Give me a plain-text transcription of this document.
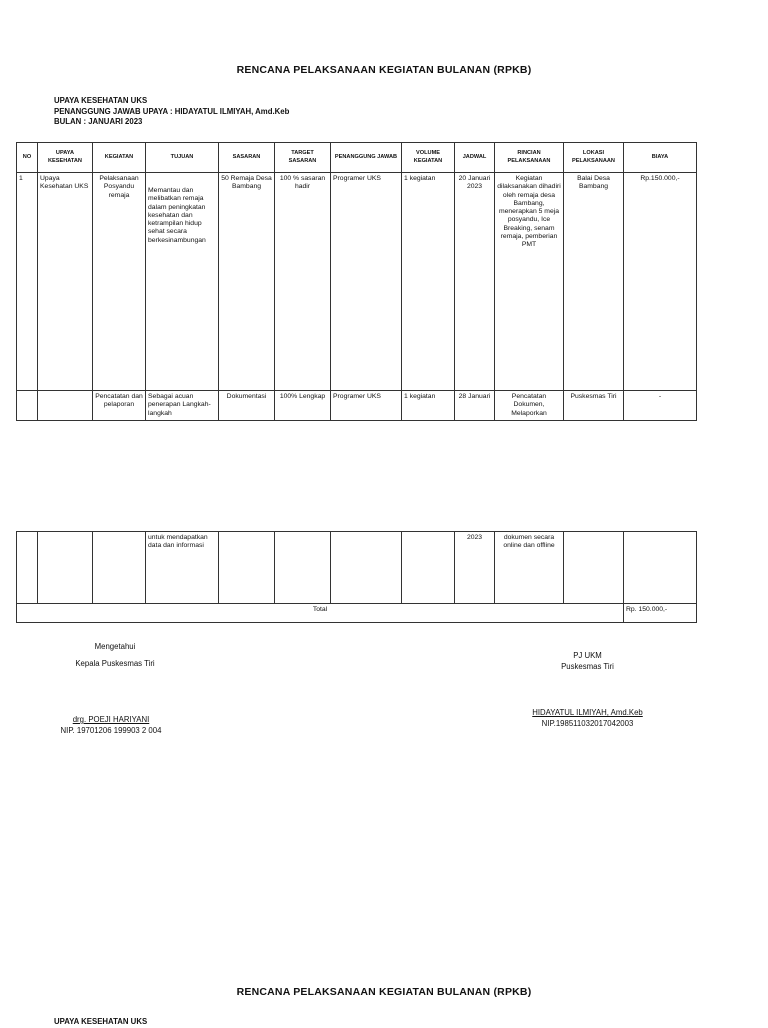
RENCANA PELAKSANAAN KEGIATAN BULANAN (RPKB)
UPAYA KESEHATAN UKS
PENANGGUNG JAWAB UPAYA : HIDAYATUL ILMIYAH, Amd.Keb
BULAN : JANUARI 2023
NO	UPAYA KESEHATAN	KEGIATAN	TUJUAN	SASARAN	TARGET SASARAN	PENANGGUNG JAWAB	VOLUME KEGIATAN	JADWAL	RINCIAN PELAKSANAAN	LOKASI PELAKSANAAN	BIAYA
1	Upaya Kesehatan UKS	Pelaksanaan Posyandu remaja	Memantau dan melibatkan remaja dalam peningkatan kesehatan dan ketrampilan hidup sehat secara berkesinambungan	50 Remaja Desa Bambang	100 % sasaran hadir	Programer UKS	1 kegiatan	20 Januari 2023	Kegiatan dilaksanakan dihadiri oleh remaja desa Bambang, menerapkan 5 meja posyandu, Ice Breaking, senam remaja, pemberian PMT	Balai Desa Bambang	Rp.150.000,-
		Pencatatan dan pelaporan	Sebagai acuan penerapan Langkah-langkah	Dokumentasi	100% Lengkap	Programer UKS	1 kegiatan	28 Januari	Pencatatan Dokumen, Melaporkan	Puskesmas Tiri	-
			untuk mendapatkan data dan informasi					2023	dokumen secara online dan offline		
Total											Rp. 150.000,-
Mengetahui
Kepala Puskesmas Tiri
drg. POEJI HARIYANI
NIP. 19701206 199903 2 004
PJ UKM
Puskesmas Tiri
HIDAYATUL ILMIYAH, Amd.Keb
NIP.198511032017042003
RENCANA PELAKSANAAN KEGIATAN BULANAN (RPKB)
UPAYA KESEHATAN UKS
